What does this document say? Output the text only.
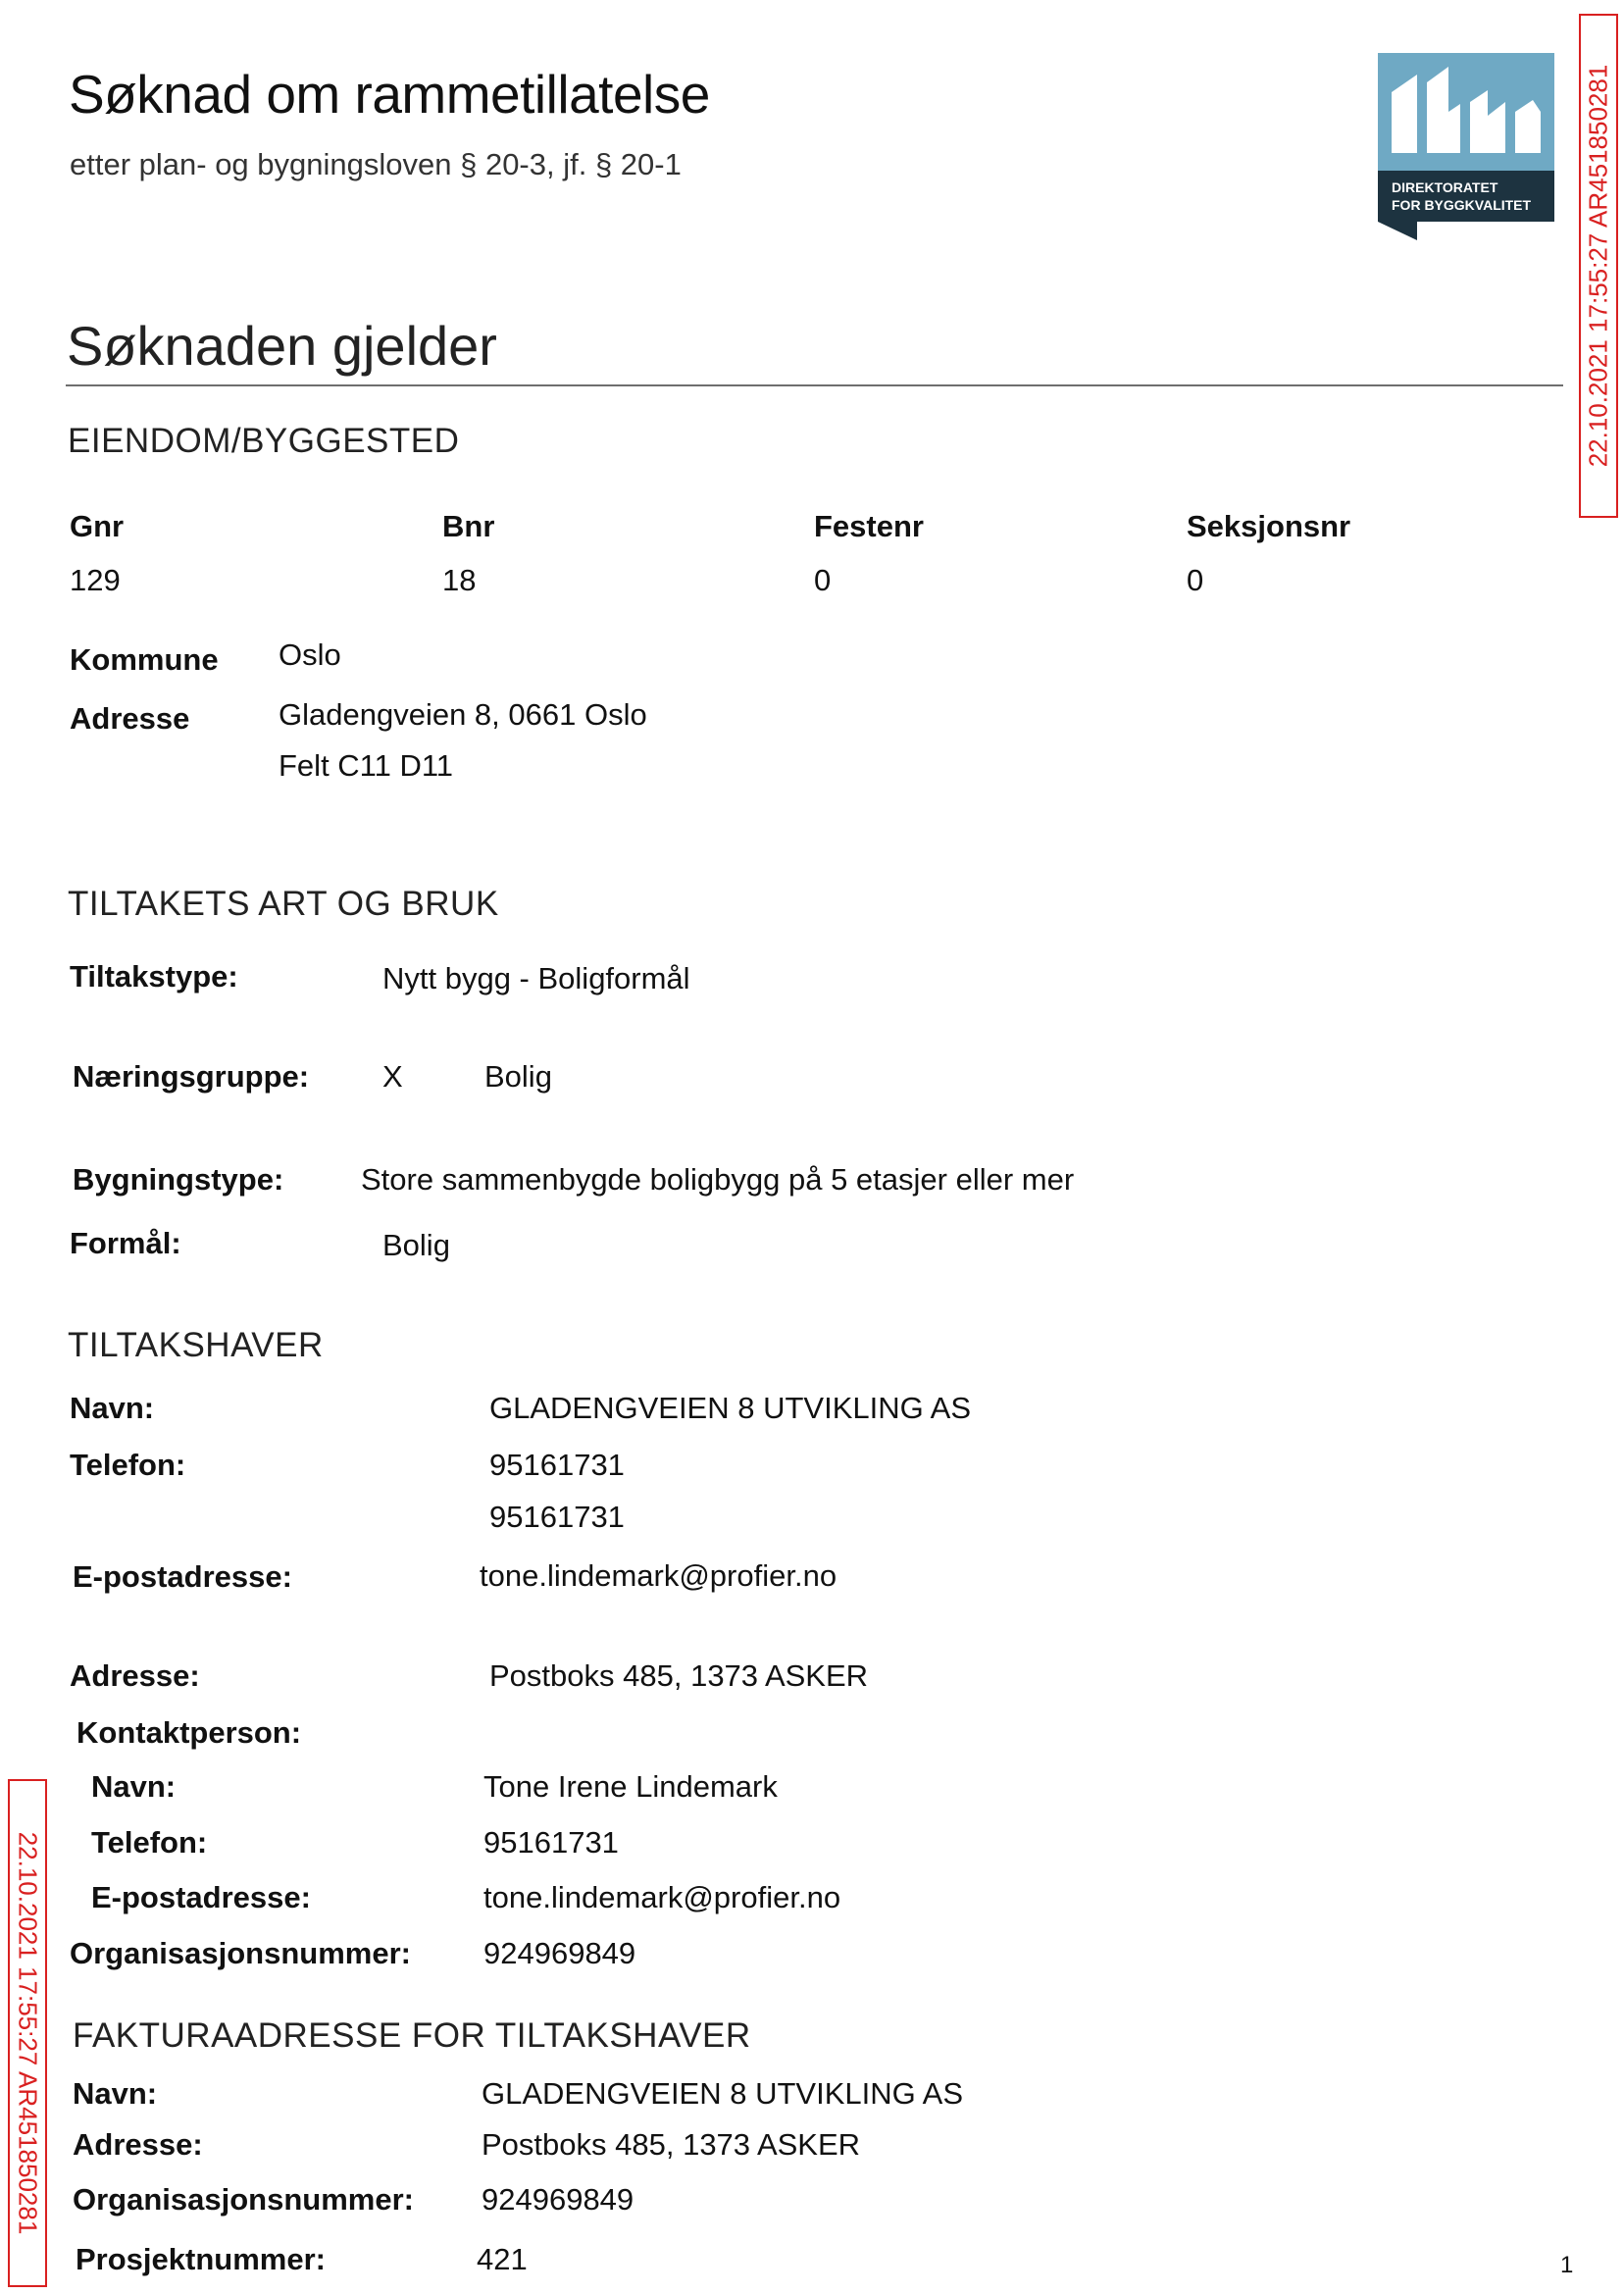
Søknad om rammetillatelse
etter plan- og bygningsloven § 20-3, jf. § 20-1
DIREKTORATET
FOR BYGGKVALITET 22.10.2021 17:55:27 AR451850281
22.10.2021 17:55:27 AR451850281
Søknaden gjelder
EIENDOM/BYGGESTED
Gnr	Bnr	Festenr	Seksjonsnr
129	18	0	0
Kommune Oslo
Adresse	Gladengveien 8, 0661 Oslo
Felt C11 D11
TILTAKETS ART OG BRUK
Tiltakstype:	Nytt bygg - Boligformål
Næringsgruppe: X	Bolig
Bygningstype:	Store sammenbygde boligbygg på 5 etasjer eller mer
Formål:	Bolig
TILTAKSHAVER
Navn:	GLADENGVEIEN 8 UTVIKLING AS
Telefon:	95161731
95161731
E-postadresse:	tone.lindemark@profier.no
Adresse:	Postboks 485, 1373 ASKER
Kontaktperson:
Navn:	Tone Irene Lindemark
Telefon:	95161731
E-postadresse:	tone.lindemark@profier.no
Organisasjonsnummer: 924969849
FAKTURAADRESSE FOR TILTAKSHAVER
Navn:	GLADENGVEIEN 8 UTVIKLING AS
Adresse:	Postboks 485, 1373 ASKER
Organisasjonsnummer: 924969849
Prosjektnummer:	421	1
